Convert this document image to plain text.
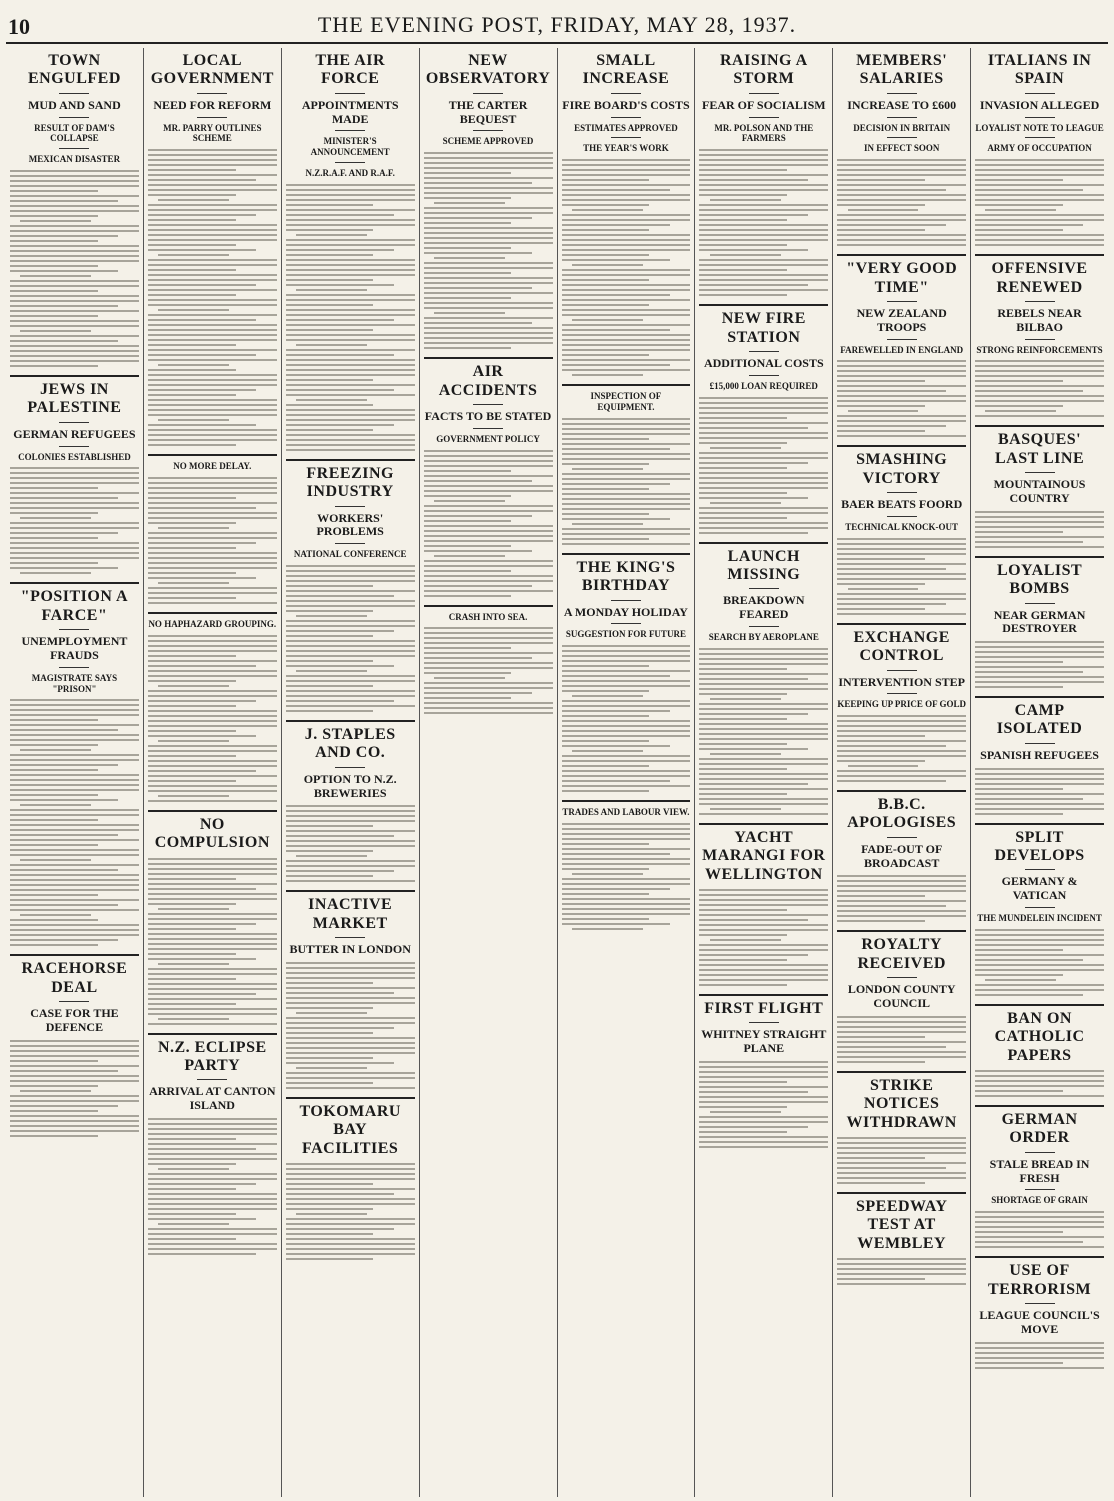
10	THE EVENING POST, FRIDAY, MAY 28, 1937.
TOWN ENGULFED
MUD AND SAND
RESULT OF DAM'S COLLAPSE
MEXICAN DISASTER
JEWS IN PALESTINE
GERMAN REFUGEES
COLONIES ESTABLISHED
"POSITION A FARCE"
UNEMPLOYMENT FRAUDS
MAGISTRATE SAYS "PRISON"
RACEHORSE DEAL
CASE FOR THE DEFENCE
LOCAL GOVERNMENT
NEED FOR REFORM
MR. PARRY OUTLINES SCHEME
NO MORE DELAY.
NO HAPHAZARD GROUPING.
NO COMPULSION
N.Z. ECLIPSE PARTY
ARRIVAL AT CANTON ISLAND
THE AIR FORCE
APPOINTMENTS MADE
MINISTER'S ANNOUNCEMENT
N.Z.R.A.F. AND R.A.F.
FREEZING INDUSTRY
WORKERS' PROBLEMS
NATIONAL CONFERENCE
J. STAPLES AND CO.
OPTION TO N.Z. BREWERIES
INACTIVE MARKET
BUTTER IN LONDON
TOKOMARU BAY FACILITIES
NEW OBSERVATORY
THE CARTER BEQUEST
SCHEME APPROVED
AIR ACCIDENTS
FACTS TO BE STATED
GOVERNMENT POLICY
CRASH INTO SEA.
SMALL INCREASE
FIRE BOARD'S COSTS
ESTIMATES APPROVED
THE YEAR'S WORK
INSPECTION OF EQUIPMENT.
THE KING'S BIRTHDAY
A MONDAY HOLIDAY
SUGGESTION FOR FUTURE
TRADES AND LABOUR VIEW.
RAISING A STORM
FEAR OF SOCIALISM
MR. POLSON AND THE FARMERS
NEW FIRE STATION
ADDITIONAL COSTS
£15,000 LOAN REQUIRED
LAUNCH MISSING
BREAKDOWN FEARED
SEARCH BY AEROPLANE
YACHT MARANGI FOR WELLINGTON
FIRST FLIGHT
WHITNEY STRAIGHT PLANE
MEMBERS' SALARIES
INCREASE TO £600
DECISION IN BRITAIN
IN EFFECT SOON
"VERY GOOD TIME"
NEW ZEALAND TROOPS
FAREWELLED IN ENGLAND
SMASHING VICTORY
BAER BEATS FOORD
TECHNICAL KNOCK-OUT
EXCHANGE CONTROL
INTERVENTION STEP
KEEPING UP PRICE OF GOLD
B.B.C. APOLOGISES
FADE-OUT OF BROADCAST
ROYALTY RECEIVED
LONDON COUNTY COUNCIL
STRIKE NOTICES WITHDRAWN
SPEEDWAY TEST AT WEMBLEY
ITALIANS IN SPAIN
INVASION ALLEGED
LOYALIST NOTE TO LEAGUE
ARMY OF OCCUPATION
OFFENSIVE RENEWED
REBELS NEAR BILBAO
STRONG REINFORCEMENTS
BASQUES' LAST LINE
MOUNTAINOUS COUNTRY
LOYALIST BOMBS
NEAR GERMAN DESTROYER
CAMP ISOLATED
SPANISH REFUGEES
SPLIT DEVELOPS
GERMANY & VATICAN
THE MUNDELEIN INCIDENT
BAN ON CATHOLIC PAPERS
GERMAN ORDER
STALE BREAD IN FRESH
SHORTAGE OF GRAIN
USE OF TERRORISM
LEAGUE COUNCIL'S MOVE
